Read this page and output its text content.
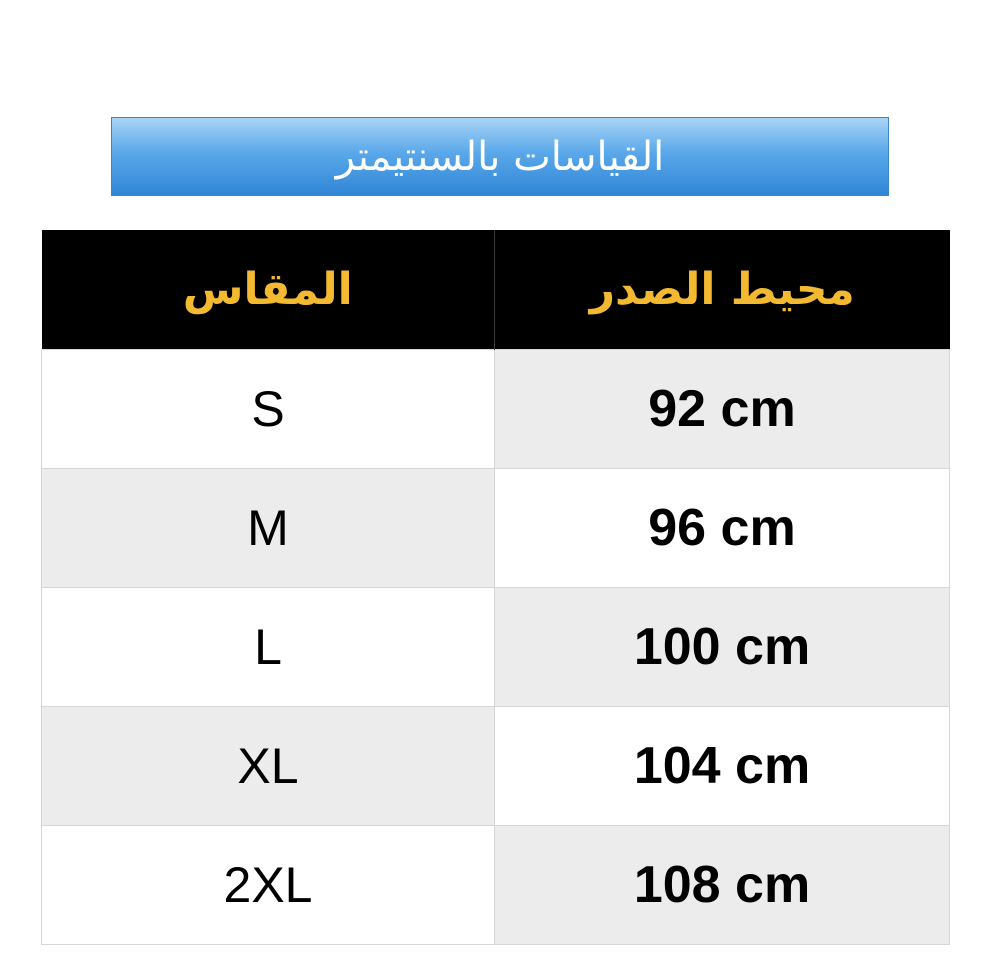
القياسات بالسنتيمتر
المقاس	محيط الصدر
S	92 cm
M	96 cm
L	100 cm
XL	104 cm
2XL	108 cm
